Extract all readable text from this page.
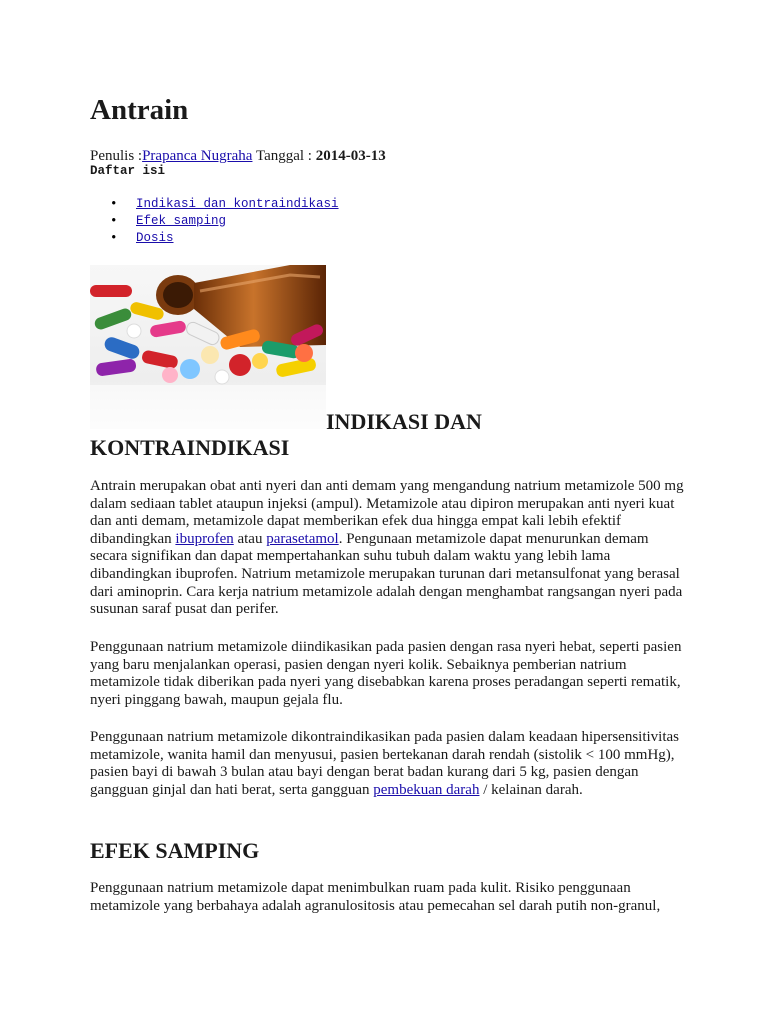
Antrain
Penulis :Prapanca Nugraha Tanggal : 2014-03-13
Daftar isi
• Indikasi dan kontraindikasi
• Efek samping
• Dosis
INDIKASI DAN
KONTRAINDIKASI

Antrain merupakan obat anti nyeri dan anti demam yang mengandung natrium metamizole 500 mg dalam sediaan tablet ataupun injeksi (ampul). Metamizole atau dipiron merupakan anti nyeri kuat dan anti demam, metamizole dapat memberikan efek dua hingga empat kali lebih efektif dibandingkan ibuprofen atau parasetamol. Pengunaan metamizole dapat menurunkan demam secara signifikan dan dapat mempertahankan suhu tubuh dalam waktu yang lebih lama dibandingkan ibuprofen. Natrium metamizole merupakan turunan dari metansulfonat yang berasal dari aminoprin. Cara kerja natrium metamizole adalah dengan menghambat rangsangan nyeri pada susunan saraf pusat dan perifer.

Penggunaan natrium metamizole diindikasikan pada pasien dengan rasa nyeri hebat, seperti pasien yang baru menjalankan operasi, pasien dengan nyeri kolik. Sebaiknya pemberian natrium metamizole tidak diberikan pada nyeri yang disebabkan karena proses peradangan seperti rematik, nyeri pinggang bawah, maupun gejala flu.

Penggunaan natrium metamizole dikontraindikasikan pada pasien dalam keadaan hipersensitivitas metamizole, wanita hamil dan menyusui, pasien bertekanan darah rendah (sistolik < 100 mmHg), pasien bayi di bawah 3 bulan atau bayi dengan berat badan kurang dari 5 kg, pasien dengan gangguan ginjal dan hati berat, serta gangguan pembekuan darah / kelainan darah.

EFEK SAMPING

Penggunaan natrium metamizole dapat menimbulkan ruam pada kulit. Risiko penggunaan metamizole yang berbahaya adalah agranulositosis atau pemecahan sel darah putih non-granul,
